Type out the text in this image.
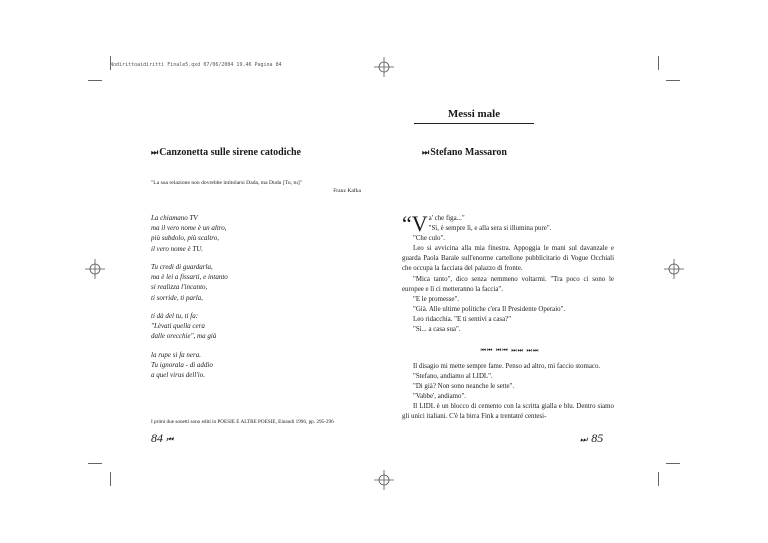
Nodirittoaidiritti Finale5.qxd 07/06/2004 19.46 Pagina 84
Messi male
⏭Canzonetta sulle sirene catodiche
"La sua relazione non dovrebbe intitolarsi Dada, ma Dudu [Tu, tu]"
Franz Kafka
La chiamano TV
ma il vero nome è un altro,
più subdolo, più scaltro,
il vero nome è TU.
Tu credi di guardarla,
ma è lei a fissarti, e intanto
si realizza l'incanto,
ti sorride, ti parla,
ti dà del tu, ti fa:
"Lèvati quella cera
dalle orecchie", ma già
la rupe si fa nera.
Tu ignorala - di addio
a quel virus dell'io.
I primi due sonetti sono editi in POESIE E ALTRE POESIE, Einaudi 1996, pp. 295-296
84 ⏮
⏭Stefano Massaron

“Va' che figa..."
"Sì, è sempre lì, e alla sera si illumina pure".

"Che culo".

Leo si avvicina alla mia finestra. Appoggia le mani sul davanzale e guarda Paola Barale sull'enorme cartellone pubblicitario di Vogue Occhiali che occupa la facciata del palazzo di fronte.

"Mica tanto", dico senza nemmeno voltarmi. "Tra poco ci sono le europee e lì ci metteranno la faccia".

"E le promesse".

"Già. Alle ultime politiche c'era Il Presidente Operaio".

Leo ridacchia. "E ti sentivi a casa?"

"Sì... a casa sua".

⏮⏮ ⏮⏮ ⏭⏭ ⏭⏭

Il disagio mi mette sempre fame. Penso ad altro, mi faccio stomaco.

"Stefano, andiamo al LIDL".

"Di già? Non sono neanche le sette".

"Vabbe', andiamo".

Il LIDL è un blocco di cemento con la scritta gialla e blu. Dentro siamo gli unici italiani. C'è la birra Fink a trentatré centesi-

⏭ 85
